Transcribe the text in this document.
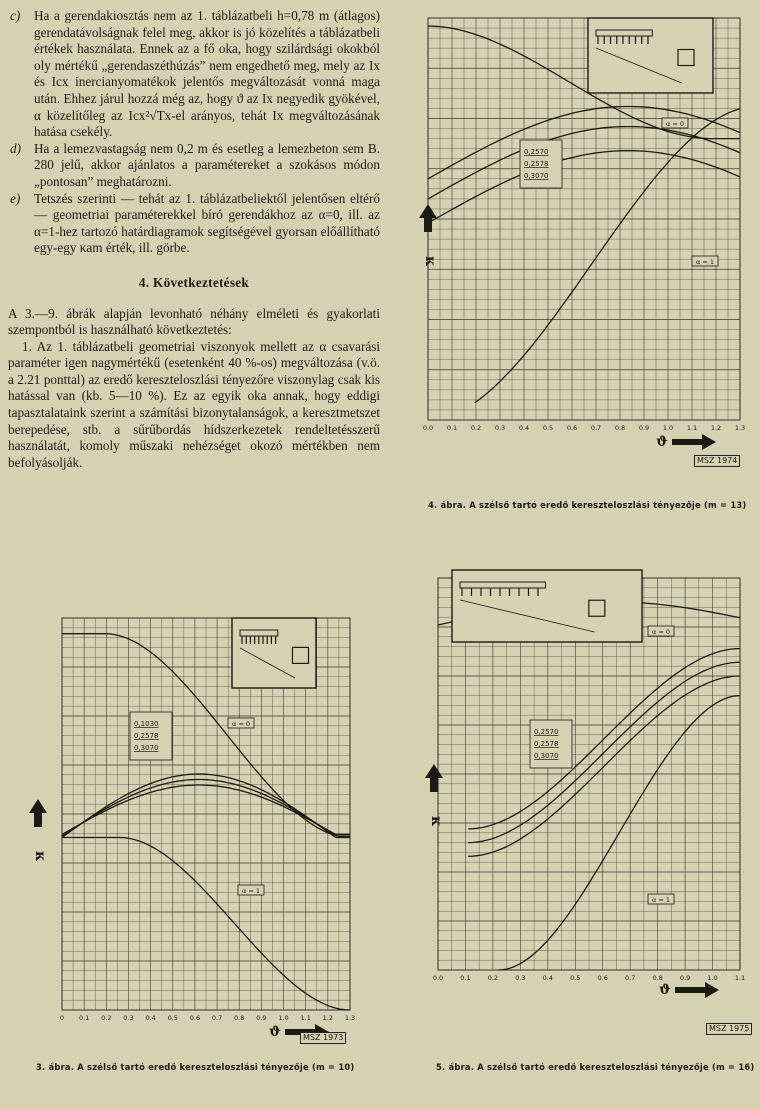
c) Ha a gerendakiosztás nem az 1. táblázatbeli h=0,78 m (átlagos) gerendatávolságnak felel meg, akkor is jó közelítés a táblázatbeli értékek használata. Ennek az a fő oka, hogy szilárdsági okokból oly mértékű „gerendaszéthúzás” nem engedhető meg, mely az Ix és Icx inercianyomatékok jelentős megváltozását vonná maga után. Ehhez járul hozzá még az, hogy ϑ az Ix negyedik gyökével, α közelítőleg az Icx²√Tx-el arányos, tehát Ix megváltozásának hatása csekély.

d) Ha a lemezvastagság nem 0,2 m és esetleg a lemezbeton sem B. 280 jelű, akkor ajánlatos a paramétereket a szokásos módon „pontosan” meghatározni.

e) Tetszés szerinti — tehát az 1. táblázatbeliektől jelentősen eltérő — geometriai paraméterekkel bíró gerendákhoz az α=0, ill. az α=1-hez tartozó határdiagramok segítségével gyorsan előállítható egy-egy κam érték, ill. görbe.

4. Következtetések

A 3.—9. ábrák alapján levonható néhány elméleti és gyakorlati szempontból is használható következtetés:

1. Az 1. táblázatbeli geometriai viszonyok mellett az α csavarási paraméter igen nagymértékű (esetenként 40 %-os) megváltozása (v.ö. a 2.21 ponttal) az eredő kereszteloszlási tényezőre viszonylag csak kis hatással van (kb. 5—10 %). Ez az egyik oka annak, hogy eddigi tapasztalataink szerint a számítási bizonytalanságok, a keresztmetszet berepedése, stb. a sűrűbordás hídszerkezetek rendeltetésszerű használatát, komoly műszaki nehézséget okozó mértékben nem befolyásolják.

0 0.1 0.2 0.3 0.4 0.5 0.6 0.7 0.8 0.9 1.0 1.1 1.2 1.3
0,1030
0,2578
0,3070
α = 0
α = 1
κ
ϑ
3. ábra. A szélső tartó eredő kereszteloszlási tényezője (m = 10)
MSZ 1973
0.0 0.1 0.2 0.3 0.4 0.5 0.6 0.7 0.8 0.9 1.0 1.1 1.2 1.3
0,2570
0,2578
0,3070
α = 0
α = 1
κ
ϑ
4. ábra. A szélső tartó eredő kereszteloszlási tényezője (m = 13)
MSZ 1974
0.0	0.1	0.2	0.3	0.4	0.5	0.6	0.7	0.8	0.9	1.0	1.1
0,2570
0,2578
0,3070
α = 0
α = 1
κ
ϑ
5. ábra. A szélső tartó eredő kereszteloszlási tényezője (m = 16)
MSZ 1975
